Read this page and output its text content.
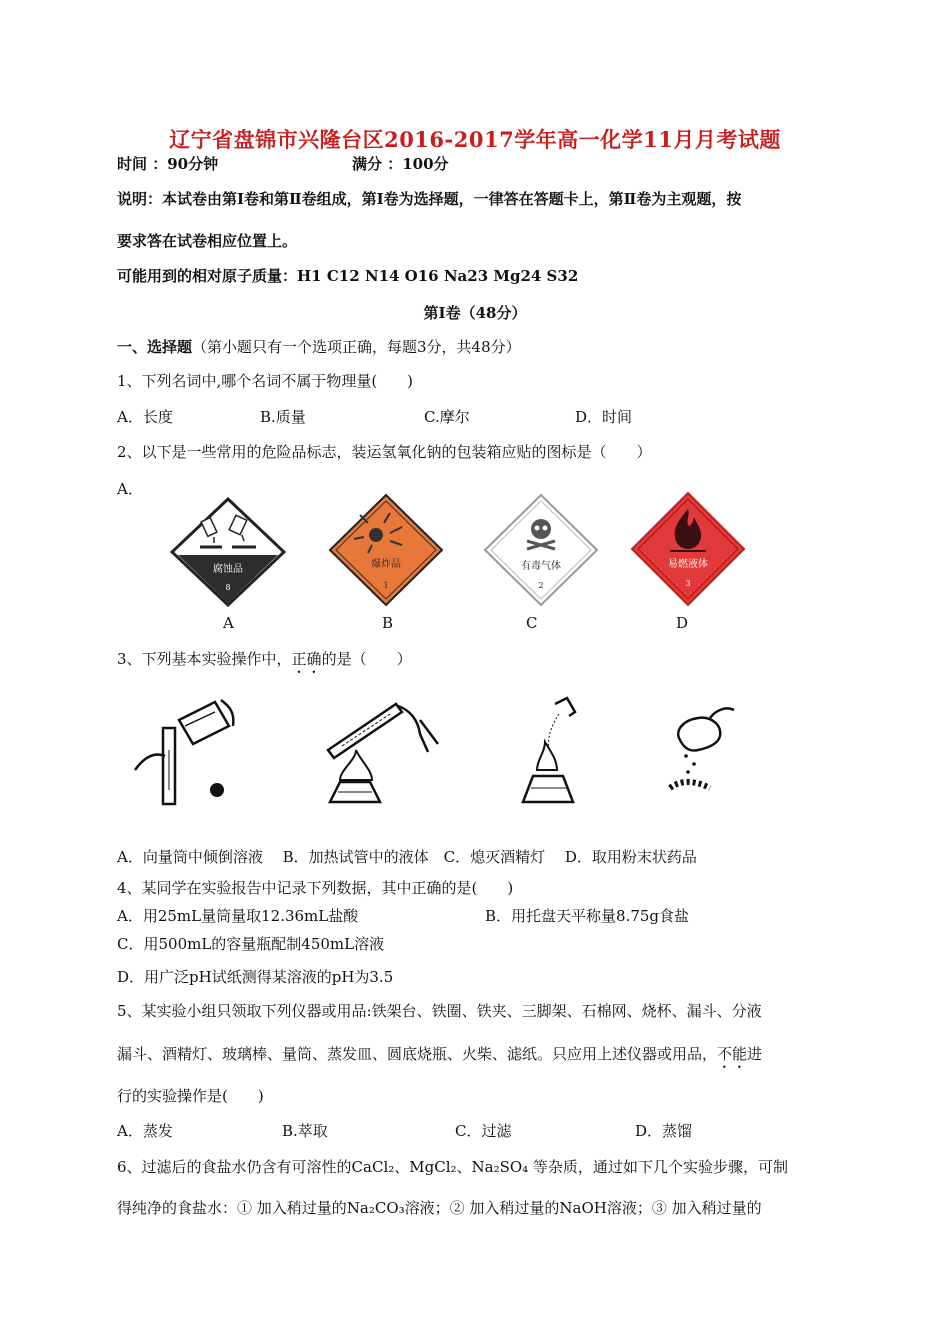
辽宁省盘锦市兴隆台区2016-2017学年高一化学11月月考试题
时间 ：90分钟	满分 ：100分
说明：本试卷由第Ⅰ卷和第Ⅱ卷组成，第Ⅰ卷为选择题，一律答在答题卡上，第Ⅱ卷为主观题，按
要求答在试卷相应位置上。
可能用到的相对原子质量：H1 C12 N14 O16 Na23 Mg24 S32
第Ⅰ卷（48分）
一、选择题（第小题只有一个选项正确，每题3分，共48分）
1、下列名词中,哪个名词不属于物理量(　　)
A．长度	B.质量	C.摩尔	D．时间
2、以下是一些常用的危险品标志，装运氢氧化钠的包装箱应贴的图标是（　　）
A．
腐蚀品
8
爆炸品
1
有毒气体
2
易燃液体
3
A	B	C	D
3、下列基本实验操作中，正确的是（　　）
A．向量筒中倾倒溶液　 B．加热试管中的液体　C．熄灭酒精灯　 D．取用粉末状药品
4、某同学在实验报告中记录下列数据，其中正确的是(　　)
A．用25mL量筒量取12.36mL盐酸	B．用托盘天平称量8.75g食盐
C．用500mL的容量瓶配制450mL溶液
D．用广泛pH试纸测得某溶液的pH为3.5
5、某实验小组只领取下列仪器或用品:铁架台、铁圈、铁夹、三脚架、石棉网、烧杯、漏斗、分液
漏斗、酒精灯、玻璃棒、量筒、蒸发皿、圆底烧瓶、火柴、滤纸。只应用上述仪器或用品，不能进
行的实验操作是(　　)
A．蒸发	B.萃取	C．过滤	D．蒸馏
6、过滤后的食盐水仍含有可溶性的CaCl₂、MgCl₂、Na₂SO₄ 等杂质，通过如下几个实验步骤，可制
得纯净的食盐水：① 加入稍过量的Na₂CO₃溶液；② 加入稍过量的NaOH溶液；③ 加入稍过量的
